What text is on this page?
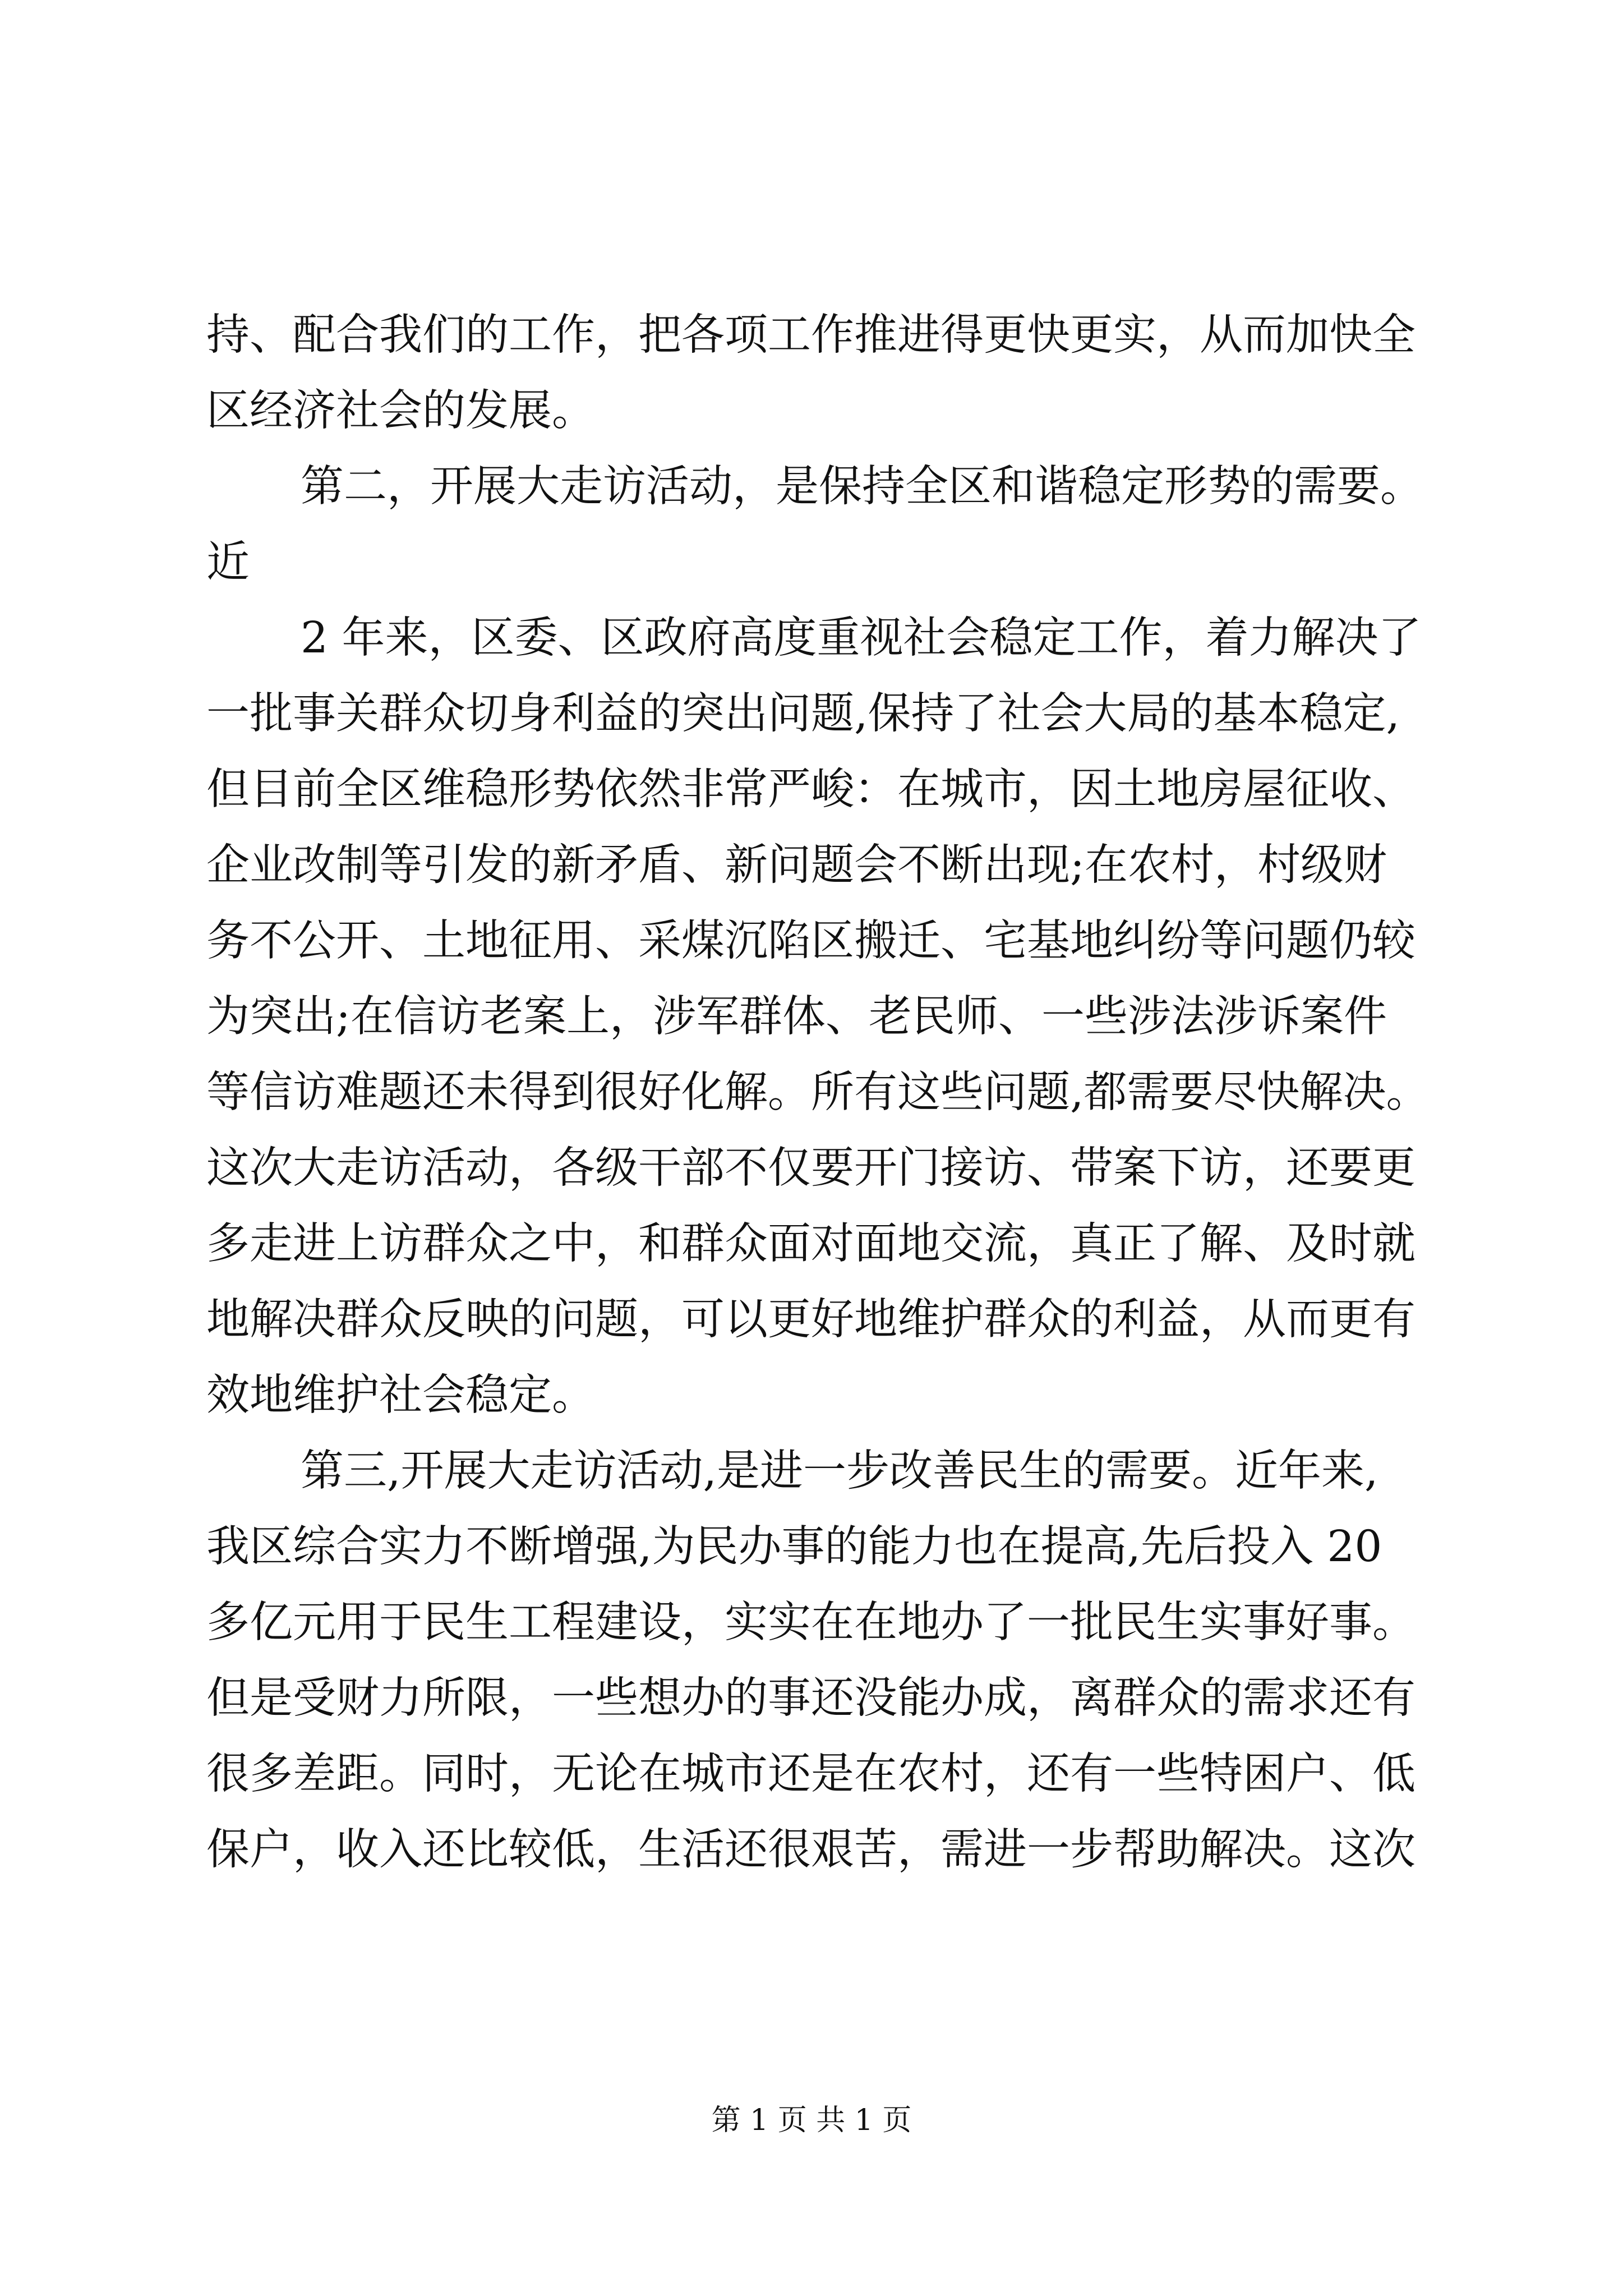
持、配合我们的工作，把各项工作推进得更快更实，从而加快全
区经济社会的发展。
第二，开展大走访活动，是保持全区和谐稳定形势的需要。
近
2 年来，区委、区政府高度重视社会稳定工作，着力解决了
一批事关群众切身利益的突出问题,保持了社会大局的基本稳定,
但目前全区维稳形势依然非常严峻：在城市，因土地房屋征收、
企业改制等引发的新矛盾、新问题会不断出现;在农村，村级财
务不公开、土地征用、采煤沉陷区搬迁、宅基地纠纷等问题仍较
为突出;在信访老案上，涉军群体、老民师、一些涉法涉诉案件
等信访难题还未得到很好化解。所有这些问题,都需要尽快解决。
这次大走访活动，各级干部不仅要开门接访、带案下访，还要更
多走进上访群众之中，和群众面对面地交流，真正了解、及时就
地解决群众反映的问题，可以更好地维护群众的利益，从而更有
效地维护社会稳定。
第三,开展大走访活动,是进一步改善民生的需要。近年来,
我区综合实力不断增强,为民办事的能力也在提高,先后投入 20
多亿元用于民生工程建设，实实在在地办了一批民生实事好事。
但是受财力所限，一些想办的事还没能办成，离群众的需求还有
很多差距。同时，无论在城市还是在农村，还有一些特困户、低
保户，收入还比较低，生活还很艰苦，需进一步帮助解决。这次
第 1 页 共 1 页
